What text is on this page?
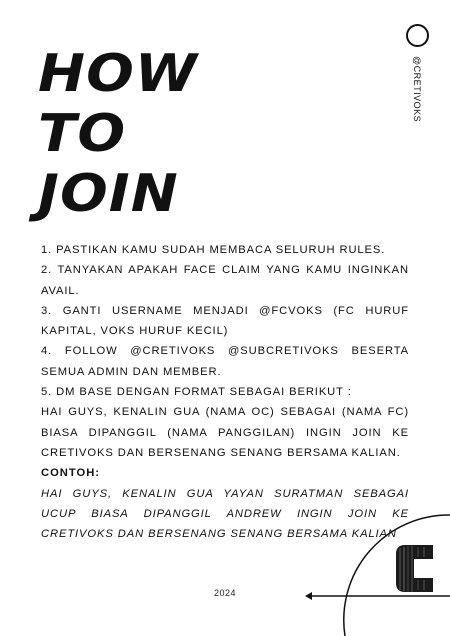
HOW
TO
JOIN
@CRETIVOKS

1. PASTIKAN KAMU SUDAH MEMBACA SELURUH RULES.

2. TANYAKAN APAKAH FACE CLAIM YANG KAMU INGINKAN AVAIL.

3. GANTI USERNAME MENJADI @FCVOKS (FC HURUF KAPITAL, VOKS HURUF KECIL)

4. FOLLOW @CRETIVOKS @SUBCRETIVOKS BESERTA SEMUA ADMIN DAN MEMBER.

5. DM BASE DENGAN FORMAT SEBAGAI BERIKUT :

HAI GUYS, KENALIN GUA (NAMA OC) SEBAGAI (NAMA FC) BIASA DIPANGGIL (NAMA PANGGILAN) INGIN JOIN KE CRETIVOKS DAN BERSENANG SENANG BERSAMA KALIAN.

CONTOH:

HAI GUYS, KENALIN GUA YAYAN SURATMAN SEBAGAI UCUP BIASA DIPANGGIL ANDREW INGIN JOIN KE CRETIVOKS DAN BERSENANG SENANG BERSAMA KALIAN

2024
